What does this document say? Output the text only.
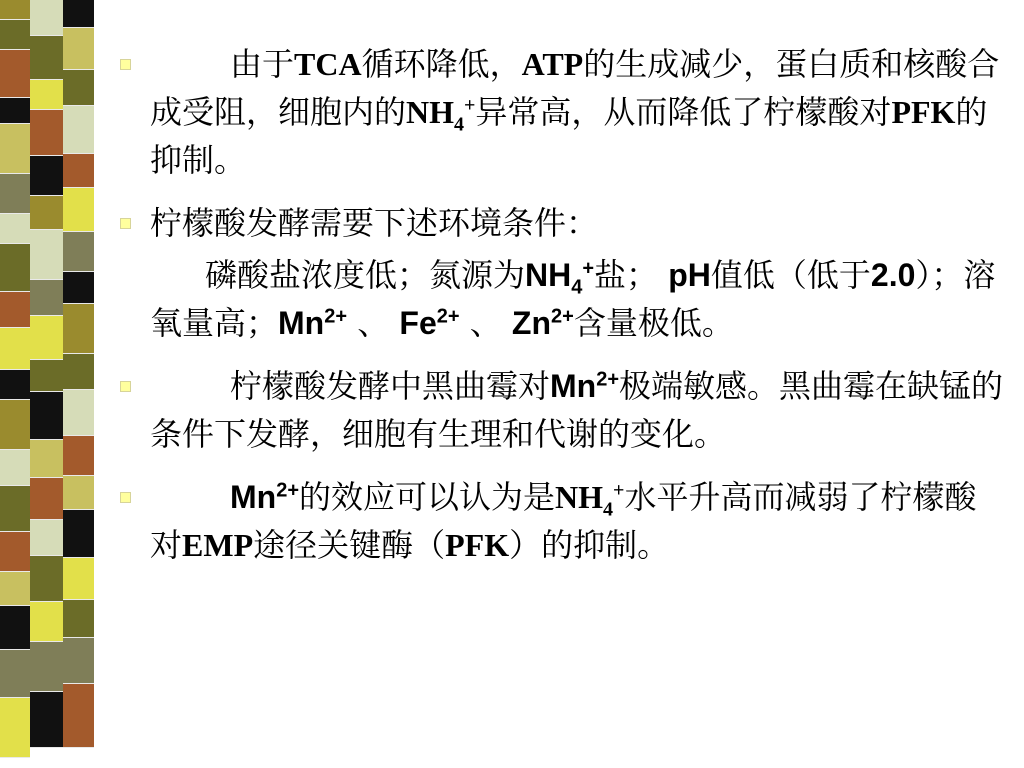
由于TCA循环降低，ATP的生成减少，蛋白质和核酸合成受阻，细胞内的$NH_4^+$异常高，从而降低了柠檬酸对PFK的抑制。
柠檬酸发酵需要下述环境条件：
磷酸盐浓度低；氮源为$NH_4^+$盐； pH值低（低于2.0）；溶氧量高；$Mn^{2+}$ 、 $Fe^{2+}$ 、 $Zn^{2+}$含量极低。
柠檬酸发酵中黑曲霉对$Mn^{2+}$极端敏感。黑曲霉在缺锰的条件下发酵，细胞有生理和代谢的变化。
$Mn^{2+}$的效应可以认为是$NH_4^+$水平升高而减弱了柠檬酸对EMP途径关键酶（PFK）的抑制。
